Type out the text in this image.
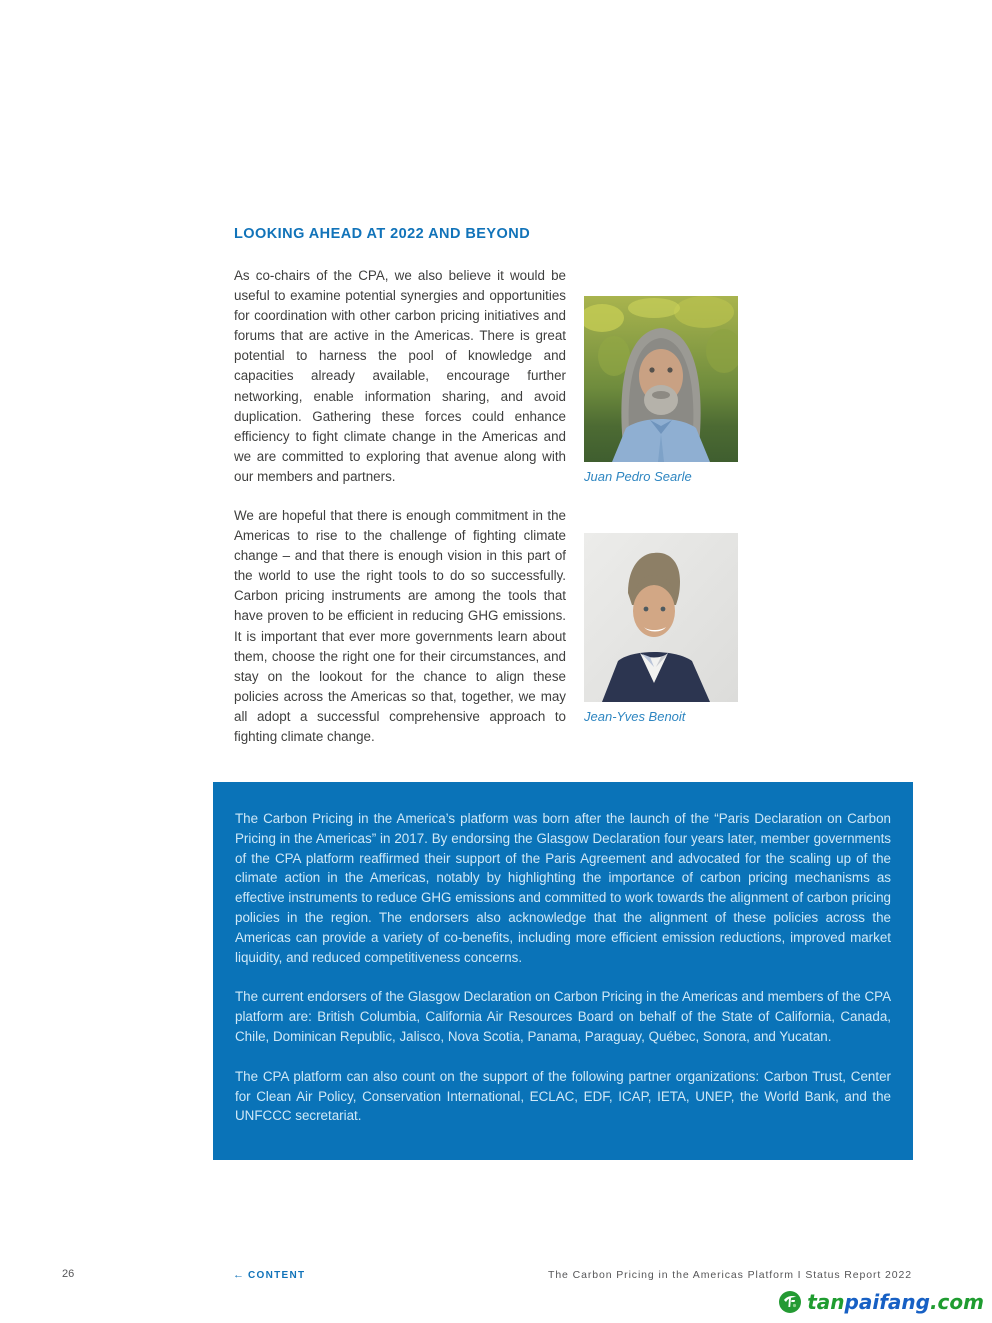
LOOKING AHEAD AT 2022 AND BEYOND

As co-chairs of the CPA, we also believe it would be useful to examine potential synergies and opportunities for coordination with other carbon pricing initiatives and forums that are active in the Americas. There is great potential to harness the pool of knowledge and capacities already available, encourage further networking, enable information sharing, and avoid duplication. Gathering these forces could enhance efficiency to fight climate change in the Americas and we are committed to exploring that avenue along with our members and partners.

We are hopeful that there is enough commitment in the Americas to rise to the challenge of fighting climate change – and that there is enough vision in this part of the world to use the right tools to do so successfully. Carbon pricing instruments are among the tools that have proven to be efficient in reducing GHG emissions. It is important that ever more governments learn about them, choose the right one for their circumstances, and stay on the lookout for the chance to align these policies across the Americas so that, together, we may all adopt a successful comprehensive approach to fighting climate change.

Juan Pedro Searle
Jean-Yves Benoit

The Carbon Pricing in the America’s platform was born after the launch of the “Paris Declaration on Carbon Pricing in the Americas” in 2017. By endorsing the Glasgow Declaration four years later, member governments of the CPA platform reaffirmed their support of the Paris Agreement and advocated for the scaling up of the climate action in the Americas, notably by highlighting the importance of carbon pricing mechanisms as effective instruments to reduce GHG emissions and committed to work towards the alignment of carbon pricing policies in the region. The endorsers also acknowledge that the alignment of these policies across the Americas can provide a variety of co-benefits, including more efficient emission reductions, improved market liquidity, and reduced competitiveness concerns.

The current endorsers of the Glasgow Declaration on Carbon Pricing in the Americas and members of the CPA platform are: British Columbia, California Air Resources Board on behalf of the State of California, Canada, Chile, Dominican Republic, Jalisco, Nova Scotia, Panama, Paraguay, Québec, Sonora, and Yucatan.

The CPA platform can also count on the support of the following partner organizations: Carbon Trust, Center for Clean Air Policy, Conservation International, ECLAC, EDF, ICAP, IETA, UNEP, the World Bank, and the UNFCCC secretariat.

26	← CONTENT	The Carbon Pricing in the Americas Platform I Status Report 2022
tan paifang .com
